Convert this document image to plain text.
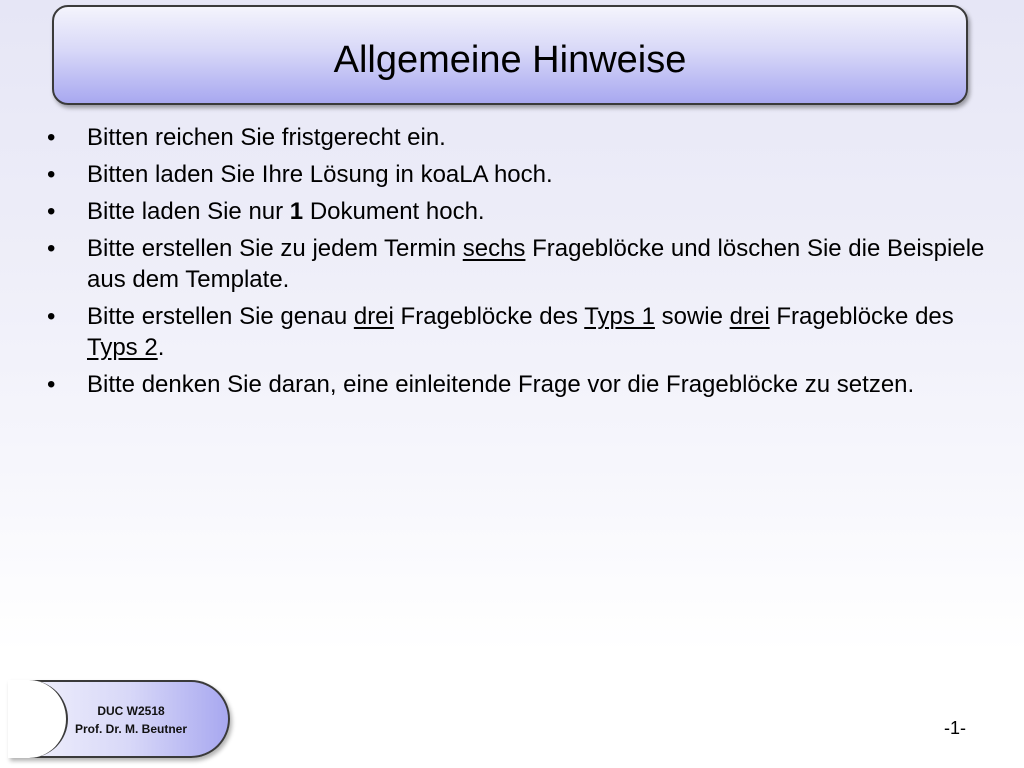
Allgemeine Hinweise
•	Bitten reichen Sie fristgerecht ein.
•	Bitten laden Sie Ihre Lösung in koaLA hoch.
•	Bitte laden Sie nur 1 Dokument hoch.
•	Bitte erstellen Sie zu jedem Termin sechs Frageblöcke und löschen Sie die Beispiele aus dem Template.
•	Bitte erstellen Sie genau drei Frageblöcke des Typs 1 sowie drei Frageblöcke des Typs 2.
•	Bitte denken Sie daran, eine einleitende Frage vor die Frageblöcke zu setzen.
DUC W2518
Prof. Dr. M. Beutner	-1-
